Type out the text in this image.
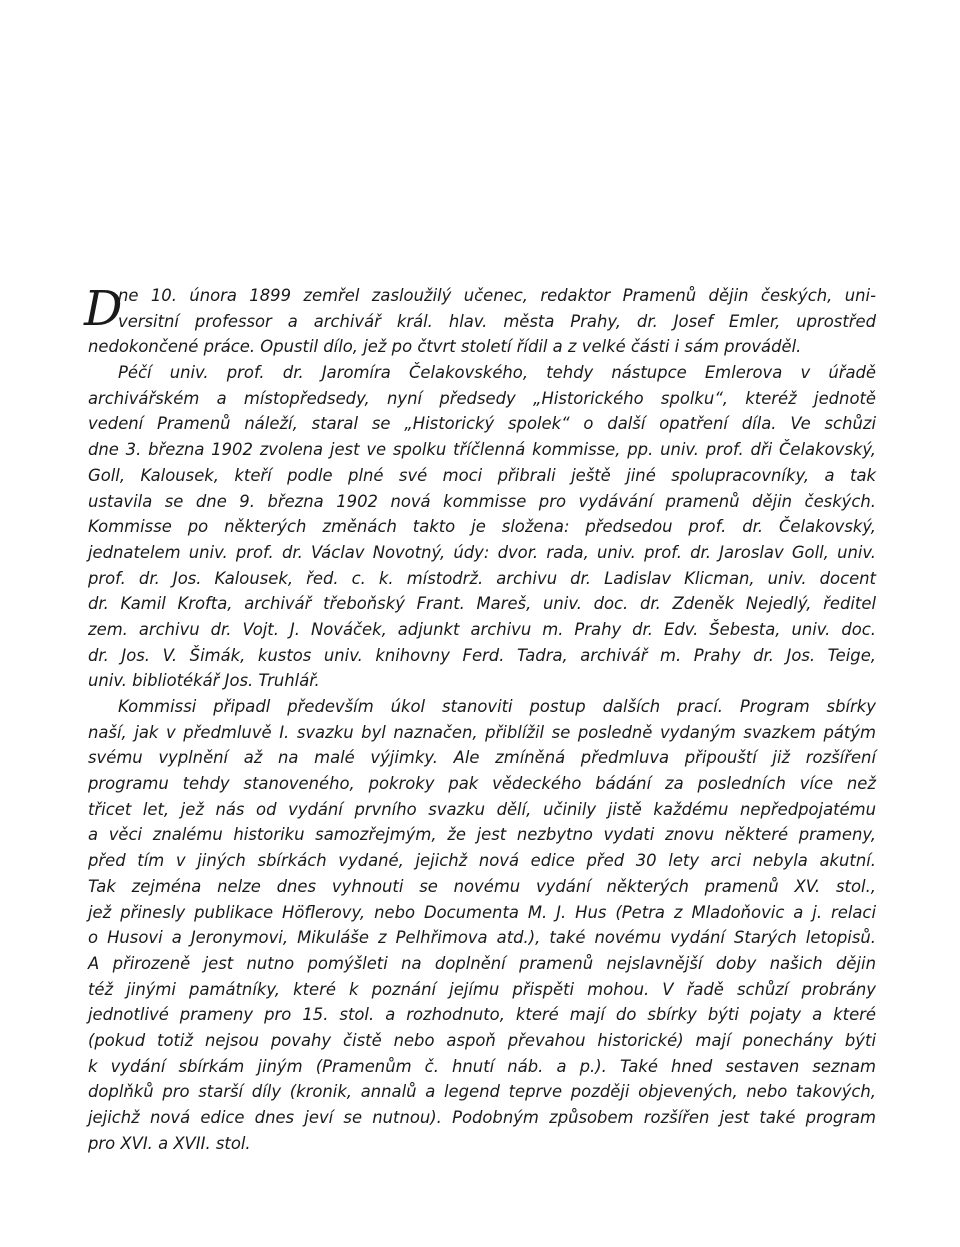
D
ne 10. února 1899 zemřel zasloužilý učenec, redaktor Pramenů dějin českých, uni-
versitní professor a archivář král. hlav. města Prahy, dr. Josef Emler, uprostřed
nedokončené práce. Opustil dílo, jež po čtvrt století řídil a z velké části i sám prováděl.
Péčí univ. prof. dr. Jaromíra Čelakovského, tehdy nástupce Emlerova v úřadě
archivářském a místopředsedy, nyní předsedy „Historického spolku“, kteréž jednotě
vedení Pramenů náleží, staral se „Historický spolek“ o další opatření díla. Ve schůzi
dne 3. března 1902 zvolena jest ve spolku tříčlenná kommisse, pp. univ. prof. dři Čelakovský,
Goll, Kalousek, kteří podle plné své moci přibrali ještě jiné spolupracovníky, a tak
ustavila se dne 9. března 1902 nová kommisse pro vydávání pramenů dějin českých.
Kommisse po některých změnách takto je složena: předsedou prof. dr. Čelakovský,
jednatelem univ. prof. dr. Václav Novotný, údy: dvor. rada, univ. prof. dr. Jaroslav Goll, univ.
prof. dr. Jos. Kalousek, řed. c. k. místodrž. archivu dr. Ladislav Klicman, univ. docent
dr. Kamil Krofta, archivář třeboňský Frant. Mareš, univ. doc. dr. Zdeněk Nejedlý, ředitel
zem. archivu dr. Vojt. J. Nováček, adjunkt archivu m. Prahy dr. Edv. Šebesta, univ. doc.
dr. Jos. V. Šimák, kustos univ. knihovny Ferd. Tadra, archivář m. Prahy dr. Jos. Teige,
univ. bibliotékář Jos. Truhlář.
Kommissi připadl především úkol stanoviti postup dalších prací. Program sbírky
naší, jak v předmluvě I. svazku byl naznačen, přiblížil se posledně vydaným svazkem pátým
svému vyplnění až na malé výjimky. Ale zmíněná předmluva připouští již rozšíření
programu tehdy stanoveného, pokroky pak vědeckého bádání za posledních více než
třicet let, jež nás od vydání prvního svazku dělí, učinily jistě každému nepředpojatému
a věci znalému historiku samozřejmým, že jest nezbytno vydati znovu některé prameny,
před tím v jiných sbírkách vydané, jejichž nová edice před 30 lety arci nebyla akutní.
Tak zejména nelze dnes vyhnouti se novému vydání některých pramenů XV. stol.,
jež přinesly publikace Höflerovy, nebo Documenta M. J. Hus (Petra z Mladoňovic a j. relaci
o Husovi a Jeronymovi, Mikuláše z Pelhřimova atd.), také novému vydání Starých letopisů.
A přirozeně jest nutno pomýšleti na doplnění pramenů nejslavnější doby našich dějin
též jinými památníky, které k poznání jejímu přispěti mohou. V řadě schůzí probrány
jednotlivé prameny pro 15. stol. a rozhodnuto, které mají do sbírky býti pojaty a které
(pokud totiž nejsou povahy čistě nebo aspoň převahou historické) mají ponechány býti
k vydání sbírkám jiným (Pramenům č. hnutí náb. a p.). Také hned sestaven seznam
doplňků pro starší díly (kronik, annalů a legend teprve později objevených, nebo takových,
jejichž nová edice dnes jeví se nutnou). Podobným způsobem rozšířen jest také program
pro XVI. a XVII. stol.
